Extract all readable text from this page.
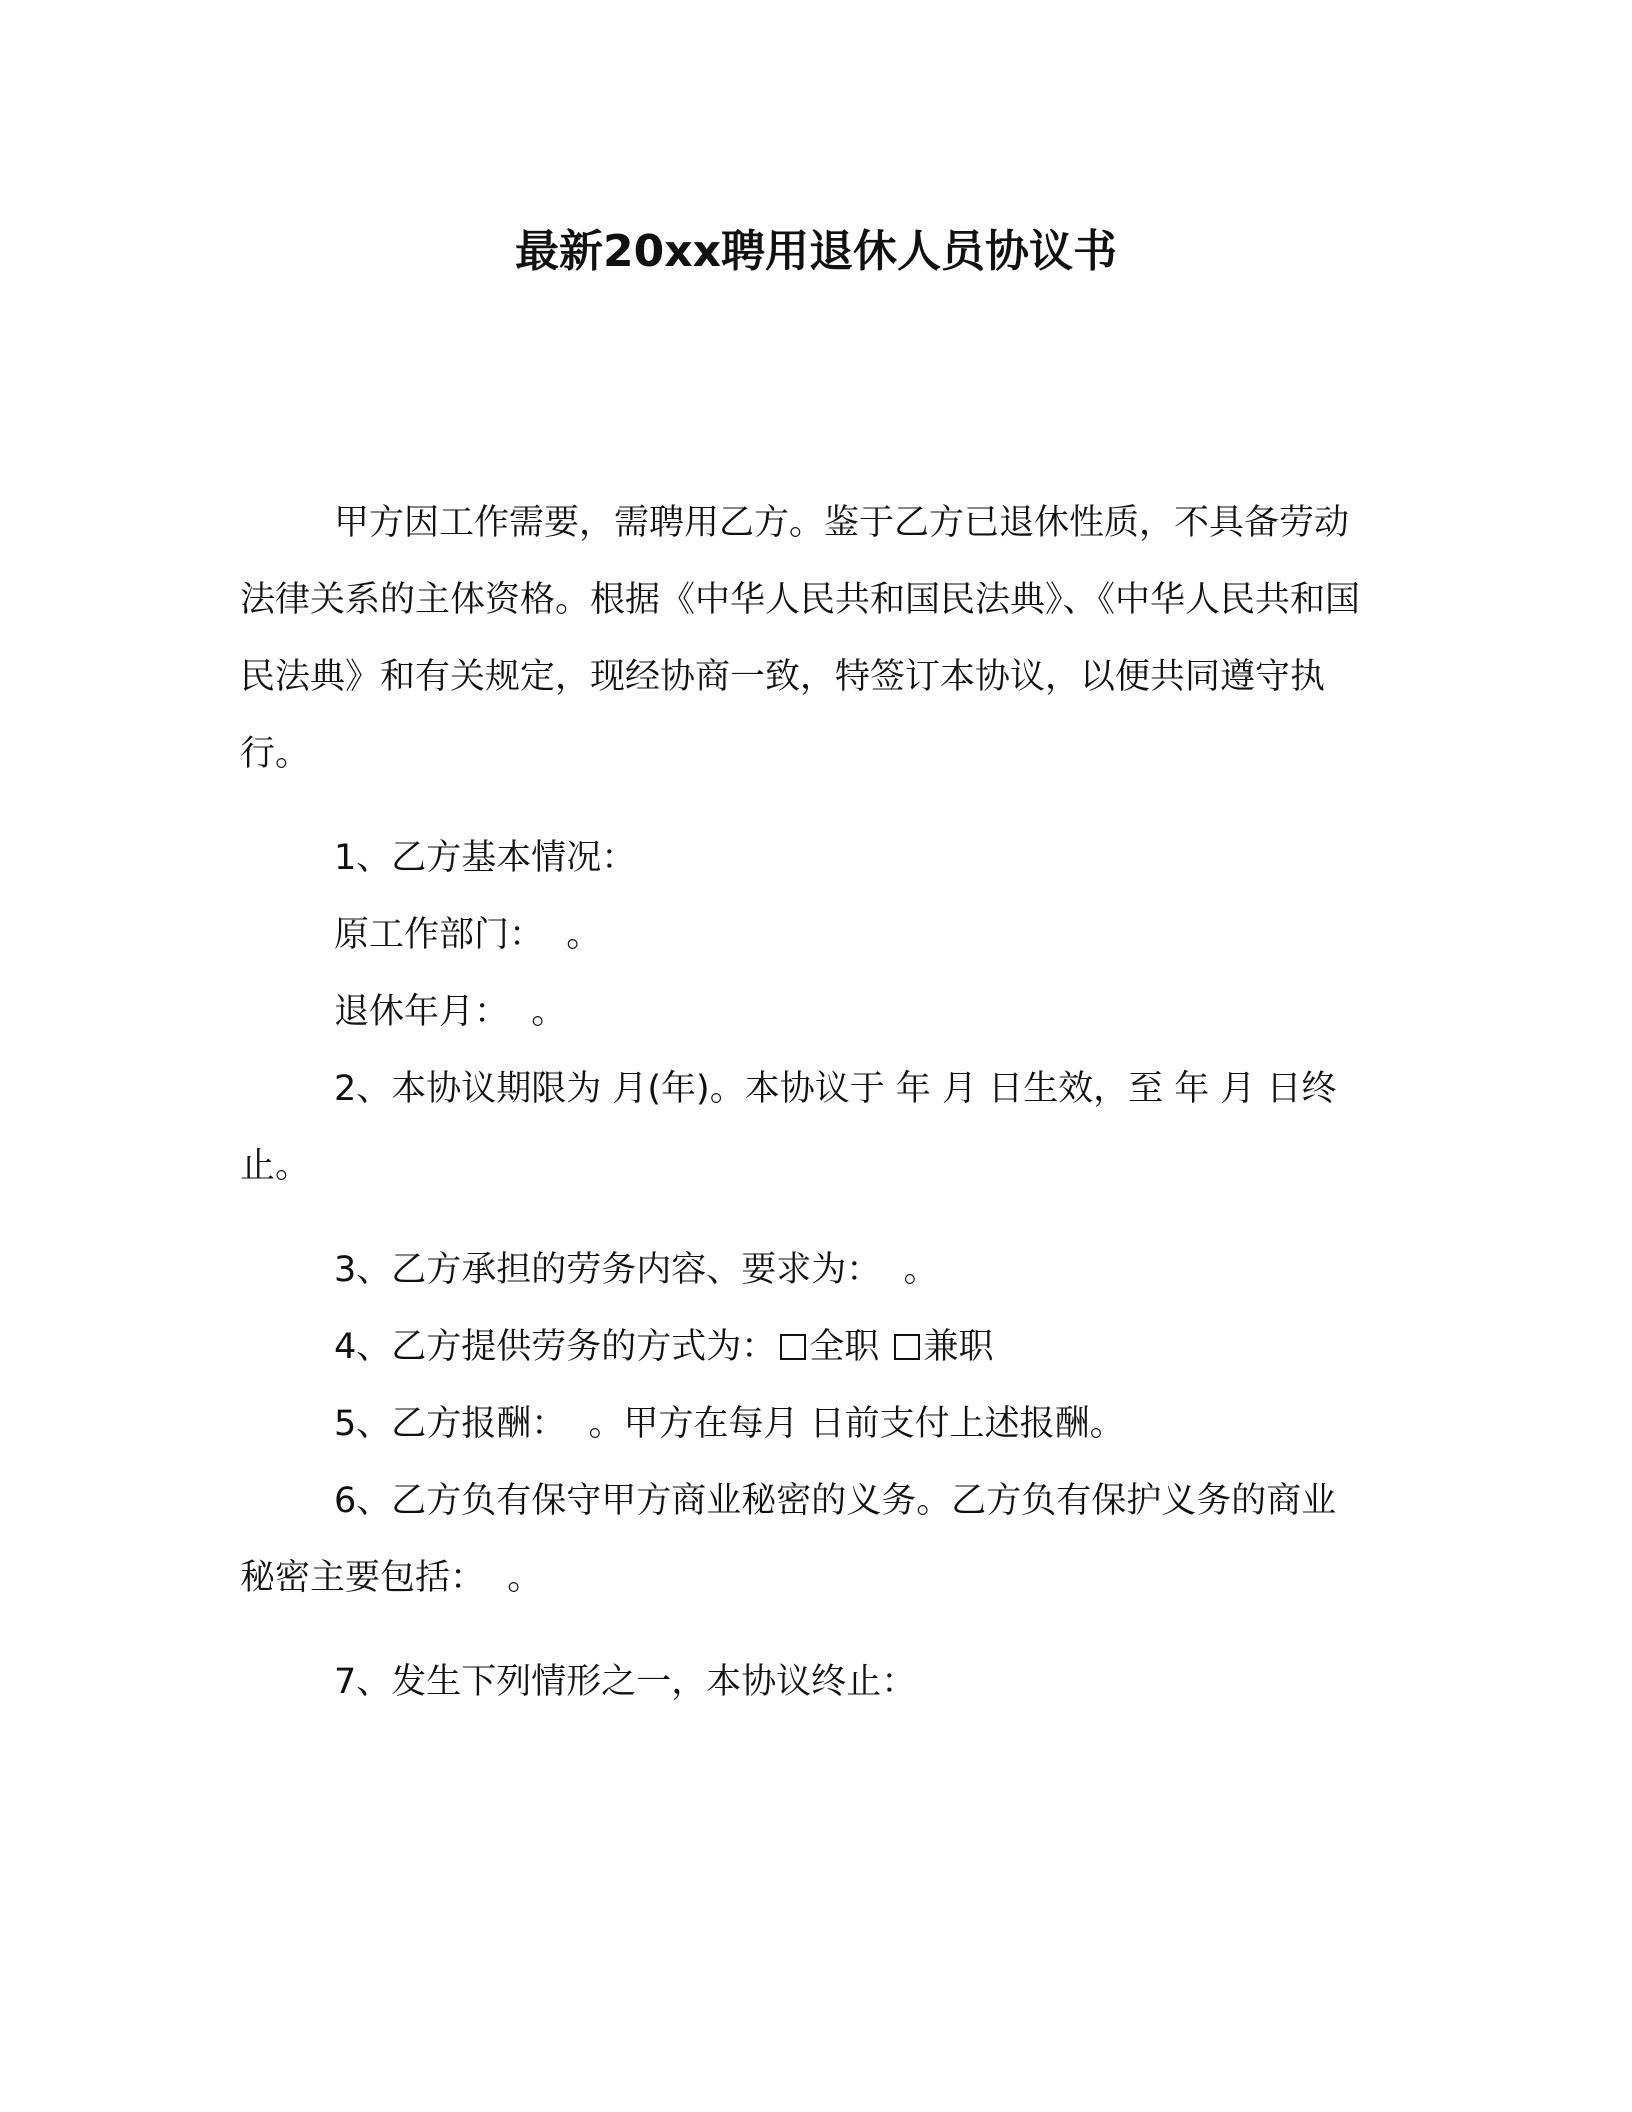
最新20xx聘用退休人员协议书

甲方因工作需要，需聘用乙方。鉴于乙方已退休性质，不具备劳动法律关系的主体资格。根据《中华人民共和国民法典》、《中华人民共和国民法典》和有关规定，现经协商一致，特签订本协议，以便共同遵守执行。

1、乙方基本情况：

原工作部门：  。

退休年月：  。

2、本协议期限为 月(年)。本协议于 年 月 日生效，至 年 月 日终止。

3、乙方承担的劳务内容、要求为：  。

4、乙方提供劳务的方式为： 全职 兼职

5、乙方报酬：  。甲方在每月 日前支付上述报酬。

6、乙方负有保守甲方商业秘密的义务。乙方负有保护义务的商业秘密主要包括：  。

7、发生下列情形之一，本协议终止：
